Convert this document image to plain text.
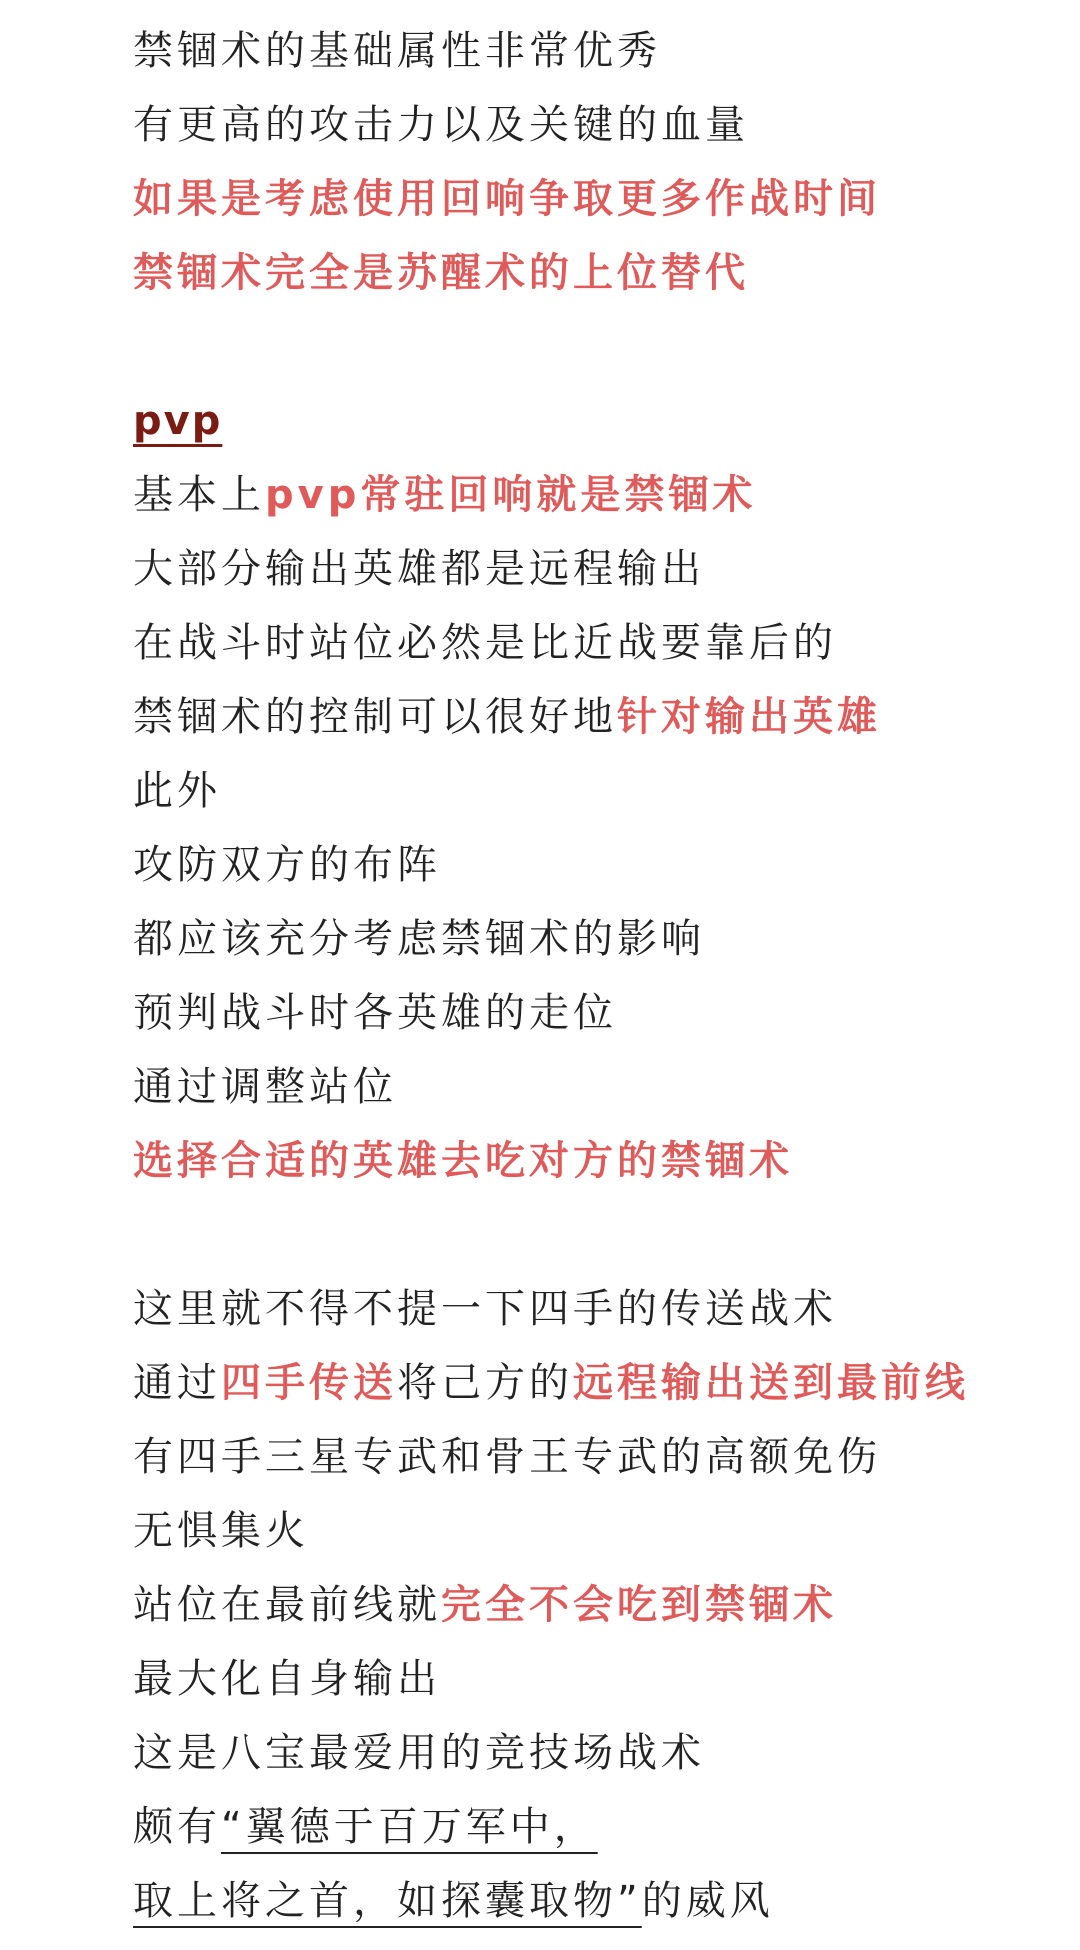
禁锢术的基础属性非常优秀
有更高的攻击力以及关键的血量
如果是考虑使用回响争取更多作战时间
禁锢术完全是苏醒术的上位替代
pvp
基本上pvp常驻回响就是禁锢术
大部分输出英雄都是远程输出
在战斗时站位必然是比近战要靠后的
禁锢术的控制可以很好地针对输出英雄
此外
攻防双方的布阵
都应该充分考虑禁锢术的影响
预判战斗时各英雄的走位
通过调整站位
选择合适的英雄去吃对方的禁锢术
这里就不得不提一下四手的传送战术
通过四手传送将己方的远程输出送到最前线
有四手三星专武和骨王专武的高额免伤
无惧集火
站位在最前线就完全不会吃到禁锢术
最大化自身输出
这是八宝最爱用的竞技场战术
颇有“翼德于百万军中，
取上将之首，如探囊取物”的威风
